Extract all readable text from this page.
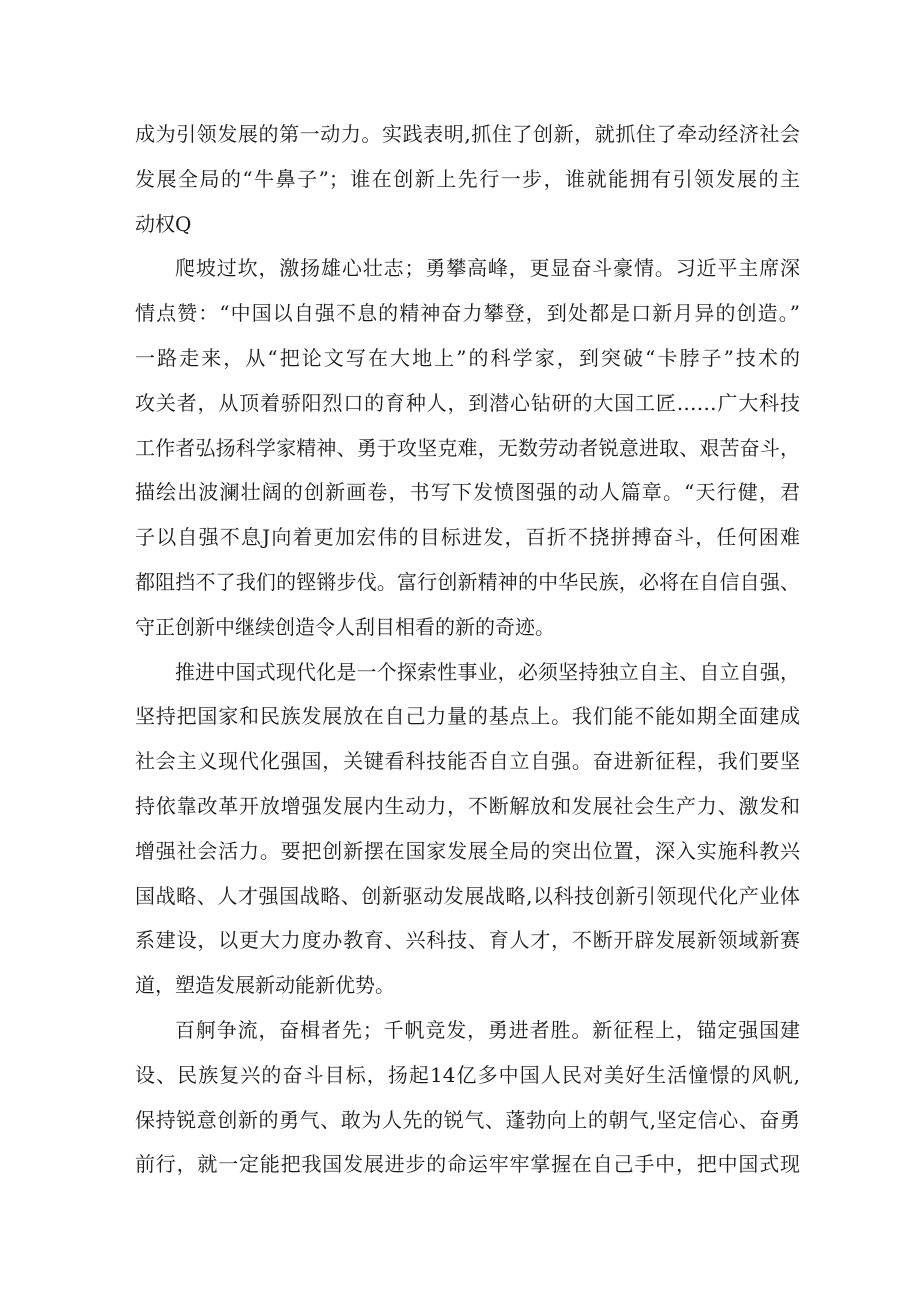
成为引领发展的第一动力。实践表明,抓住了创新，就抓住了牵动经济社会
发展全局的“牛鼻子”；谁在创新上先行一步，谁就能拥有引领发展的主
动权Q
爬坡过坎，激扬雄心壮志；勇攀高峰，更显奋斗豪情。习近平主席深
情点赞：“中国以自强不息的精神奋力攀登，到处都是口新月异的创造。”
一路走来，从“把论文写在大地上”的科学家，到突破“卡脖子”技术的
攻关者，从顶着骄阳烈口的育种人，到潜心钻研的大国工匠……广大科技
工作者弘扬科学家精神、勇于攻坚克难，无数劳动者锐意进取、艰苦奋斗，
描绘出波澜壮阔的创新画卷，书写下发愤图强的动人篇章。“天行健，君
子以自强不息J向着更加宏伟的目标进发，百折不挠拼搏奋斗，任何困难
都阻挡不了我们的铿锵步伐。富行创新精神的中华民族，必将在自信自强、
守正创新中继续创造令人刮目相看的新的奇迹。
推进中国式现代化是一个探索性事业，必须坚持独立自主、自立自强，
坚持把国家和民族发展放在自己力量的基点上。我们能不能如期全面建成
社会主义现代化强国，关键看科技能否自立自强。奋进新征程，我们要坚
持依靠改革开放增强发展内生动力，不断解放和发展社会生产力、激发和
增强社会活力。要把创新摆在国家发展全局的突出位置，深入实施科教兴
国战略、人才强国战略、创新驱动发展战略,以科技创新引领现代化产业体
系建设，以更大力度办教育、兴科技、育人才，不断开辟发展新领域新赛
道，塑造发展新动能新优势。
百舸争流，奋楫者先；千帆竞发，勇进者胜。新征程上，锚定强国建
设、民族复兴的奋斗目标，扬起14亿多中国人民对美好生活憧憬的风帆,
保持锐意创新的勇气、敢为人先的锐气、蓬勃向上的朝气,坚定信心、奋勇
前行，就一定能把我国发展进步的命运牢牢掌握在自己手中，把中国式现
